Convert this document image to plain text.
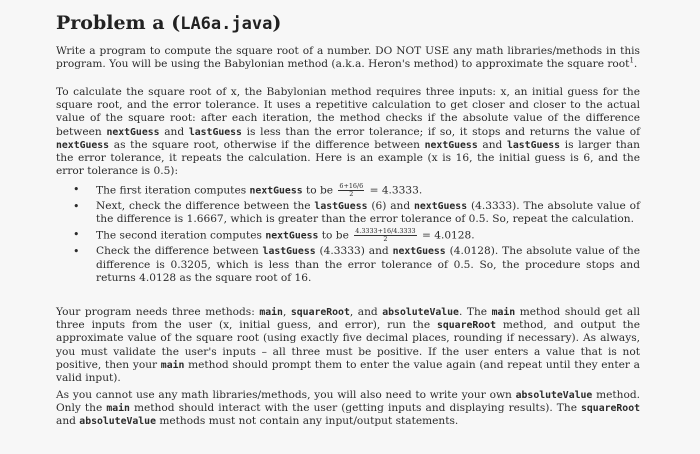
Problem a (LA6a.java)

Write a program to compute the square root of a number. DO NOT USE any math libraries/methods in this program. You will be using the Babylonian method (a.k.a. Heron's method) to approximate the square root$^1$.

To calculate the square root of x, the Babylonian method requires three inputs: x, an initial guess for the square root, and the error tolerance. It uses a repetitive calculation to get closer and closer to the actual value of the square root: after each iteration, the method checks if the absolute value of the difference between nextGuess and lastGuess is less than the error tolerance; if so, it stops and returns the value of nextGuess as the square root, otherwise if the difference between nextGuess and lastGuess is larger than the error tolerance, it repeats the calculation. Here is an example (x is 16, the initial guess is 6, and the error tolerance is 0.5):

• The first iteration computes nextGuess to be $\frac{6+16/6}{2} = 4.3333$.
• Next, check the difference between the lastGuess (6) and nextGuess (4.3333). The absolute value of the difference is 1.6667, which is greater than the error tolerance of 0.5. So, repeat the calculation.
• The second iteration computes nextGuess to be $\frac{4.3333+16/4.3333}{2} = 4.0128$.
• Check the difference between lastGuess (4.3333) and nextGuess (4.0128). The absolute value of the difference is 0.3205, which is less than the error tolerance of 0.5. So, the procedure stops and returns 4.0128 as the square root of 16.

Your program needs three methods: main, squareRoot, and absoluteValue. The main method should get all three inputs from the user (x, initial guess, and error), run the squareRoot method, and output the approximate value of the square root (using exactly five decimal places, rounding if necessary). As always, you must validate the user's inputs – all three must be positive. If the user enters a value that is not positive, then your main method should prompt them to enter the value again (and repeat until they enter a valid input).

As you cannot use any math libraries/methods, you will also need to write your own absoluteValue method. Only the main method should interact with the user (getting inputs and displaying results). The squareRoot and absoluteValue methods must not contain any input/output statements.
